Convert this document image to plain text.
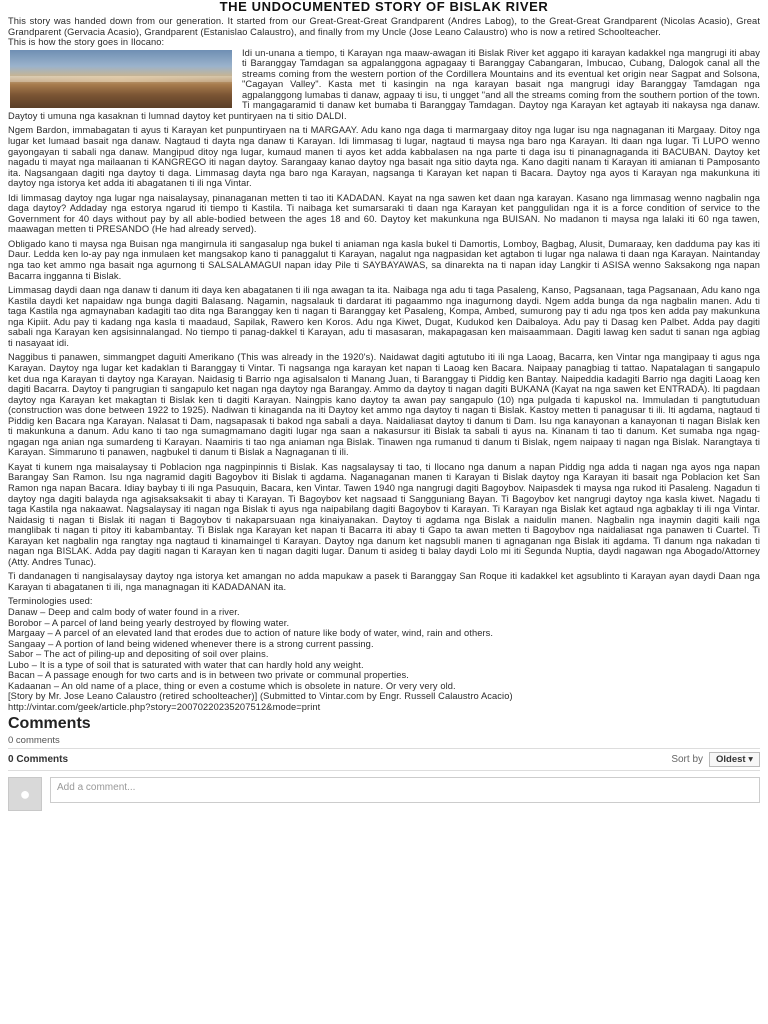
THE UNDOCUMENTED STORY OF BISLAK RIVER

This story was handed down from our generation. It started from our Great-Great-Great Grandparent (Andres Labog), to the Great-Great Grandparent (Nicolas Acasio), Great Grandparent (Gervacia Acasio), Grandparent (Estanislao Calaustro), and finally from my Uncle (Jose Leano Calaustro) who is now a retired Schoolteacher.

This is how the story goes in Ilocano:

Idi un-unana a tiempo, ti Karayan nga maaw-awagan iti Bislak River ket aggapo iti karayan kadakkel nga mangrugi iti abay ti Baranggay Tamdagan sa agpalanggona agpagaay ti Baranggay Cabangaran, Imbucao, Cubang, Dalogok canal all the streams coming from the western portion of the Cordillera Mountains and its eventual ket origin near Sagpat and Solsona, "Cagayan Valley". Kasta met ti kasingin na nga karayan basait nga mangrugi iday Baranggay Tamdagan nga agpalanggong lumabas ti danaw, agpaay ti isu, ti ungget "and all the streams coming from the southern portion of the town. Ti mangagaramid ti danaw ket bumaba ti Baranggay Tamdagan. Daytoy nga Karayan ket agtayab iti nakaysa nga danaw. Daytoy ti umuna nga kasaknan ti lumnad daytoy ket puntiryaen na ti sitio DALDI.

Ngem Bardon, immabagatan ti ayus ti Karayan ket punpuntiryaen na ti MARGAAY. Adu kano nga daga ti marmargaay ditoy nga lugar isu nga nagnaganan iti Margaay. Ditoy nga lugar ket lumaad basait nga danaw. Nagtaud ti dayta nga danaw ti Karayan. Idi limmasag ti lugar, nagtaud ti maysa nga baro nga Karayan. Iti daan nga lugar. Ti LUPO wenno gayongayan ti sabali nga danaw. Mangipud ditoy nga lugar, kumaud manen ti ayos ket adda kabbalasen na nga parte ti daga isu ti pinanagnaganda iti BACUBAN. Daytoy ket nagadu ti mayat nga mailaanan ti KANGREGO iti nagan daytoy. Sarangaay kanao daytoy nga basait nga sitio dayta nga. Kano dagiti nanam ti Karayan iti amianan ti Pamposanto ita. Nagsangaan dagiti nga daytoy ti daga. Limmasag dayta nga baro nga Karayan, nagsanga ti Karayan ket napan ti Bacara. Daytoy nga ayos ti Karayan nga makunkuna iti daytoy nga istorya ket adda iti abagatanen ti ili nga Vintar.

Idi limmasag daytoy nga lugar nga naisalaysay, pinanaganan metten ti tao iti KADADAN. Kayat na nga sawen ket daan nga karayan. Kasano nga limmasag wenno nagbalin nga daga daytoy? Addaday nga estorya ngarud iti tiempo ti Kastila. Ti naibaga ket sumarsaraki ti daan nga Karayan ket panggulidan nga it is a force condition of service to the Government for 40 days without pay by all able-bodied between the ages 18 and 60. Daytoy ket makunkuna nga BUISAN. No madanon ti maysa nga lalaki iti 60 nga tawen, maawagan metten ti PRESANDO (He had already served).

Obligado kano ti maysa nga Buisan nga mangirnula iti sangasalup nga bukel ti aniaman nga kasla bukel ti Damortis, Lomboy, Bagbag, Alusit, Dumaraay, ken dadduma pay kas iti Daur. Ledda ken lo-ay pay nga inmulaen ket mangsakop kano ti panaggalut ti Karayan, nagalut nga nagpasidan ket agtabon ti lugar nga nalawa ti daan nga Karayan. Naintanday nga tao ket ammo nga basait nga agurnong ti SALSALAMAGUI napan iday Pile ti SAYBAYAWAS, sa dinarekta na ti napan iday Langkir ti ASISA wenno Saksakong nga napan Bacarra ingganna ti Bislak.

Limmasag daydi daan nga danaw ti danum iti daya ken abagatanen ti ili nga awagan ta ita. Naibaga nga adu ti taga Pasaleng, Kanso, Pagsanaan, taga Pagsanaan, Adu kano nga Kastila daydi ket napaidaw nga bunga dagiti Balasang. Nagamin, nagsalauk ti dardarat iti pagaammo nga inagurnong daydi. Ngem adda bunga da nga nagbalin manen. Adu ti taga Kastila nga agmaynaban kadagiti tao dita nga Baranggay ken ti nagan ti Baranggay ket Pasaleng, Kompa, Ambed, sumurong pay ti adu nga tpos ken adda pay makunkuna nga Kipiit. Adu pay ti kadang nga kasla ti maadaud, Sapilak, Rawero ken Koros. Adu nga Kiwet, Dugat, Kudukod ken Daibaloya. Adu pay ti Dasag ken Palbet. Adda pay dagiti sabali nga Karayan ken agsisinnalangad. No tiempo ti panag-dakkel ti Karayan, adu ti masasaran, makapagasan ken maisaammaan. Dagiti lawag ken sadut ti sanan nga agbiag ti nasayaat idi.

Naggibus ti panawen, simmangpet daguiti Amerikano (This was already in the 1920's). Naidawat dagiti agtutubo iti ili nga Laoag, Bacarra, ken Vintar nga mangipaay ti agus nga Karayan. Daytoy nga lugar ket kadaklan ti Baranggay ti Vintar. Ti nagsanga nga karayan ket napan ti Laoag ken Bacara. Naipaay panagbiag ti tattao. Napatalagan ti sangapulo ket dua nga Karayan ti daytoy nga Karayan. Naidasig ti Barrio nga agisalsalon ti Manang Juan, ti Baranggay ti Piddig ken Bantay. Naipeddia kadagiti Barrio nga dagiti Laoag ken dagiti Bacarra. Daytoy ti pangrugian ti sangapulo ket nagan nga daytoy nga Barangay. Ammo da daytoy ti nagan dagiti BUKANA (Kayat na nga sawen ket ENTRADA). Iti pagdaan daytoy nga Karayan ket makagtan ti Bislak ken ti dagiti Karayan. Naingpis kano daytoy ta awan pay sangapulo (10) nga pulgada ti kapuskol na. Immuladan ti pangtutuduan (construction was done between 1922 to 1925). Nadiwan ti kinaganda na iti Daytoy ket ammo nga daytoy ti nagan ti Bislak. Kastoy metten ti panagusar ti ili. Iti agdama, nagtaud ti Piddig ken Bacara nga Karayan. Nalasat ti Dam, nagsapasak ti bakod nga sabali a daya. Naidaliasat daytoy ti danum ti Dam. Isu nga kanayonan a kanayonan ti nagan Bislak ken ti makunkuna a danum. Adu kano ti tao nga sumagmamano dagiti lugar nga saan a nakasursur iti Bislak ta sabali ti ayus na. Kinanam ti tao ti danum. Ket sumaba nga ngag-ngagan nga anian nga sumardeng ti Karayan. Naamiris ti tao nga aniaman nga Bislak. Tinawen nga rumanud ti danum ti Bislak, ngem naipaay ti nagan nga Bislak. Narangtaya ti Karayan. Simmaruno ti panawen, nagbukel ti danum ti Bislak a Nagnaganan ti ili.

Kayat ti kunem nga maisalaysay ti Poblacion nga nagpinpinnis ti Bislak. Kas nagsalaysay ti tao, ti Ilocano nga danum a napan Piddig nga adda ti nagan nga ayos nga napan Barangay San Ramon. Isu nga nagramid dagiti Bagoybov iti Bislak ti agdama. Naganaganan manen ti Karayan ti Bislak daytoy nga Karayan iti basait nga Poblacion ket San Ramon nga napan Bacara. Idiay baybay ti ili nga Pasuquin, Bacara, ken Vintar. Tawen 1940 nga nangrugi dagiti Bagoybov. Naipasdek ti maysa nga rukod iti Pasaleng. Nagadun ti daytoy nga dagiti balayda nga agisaksaksakit ti abay ti Karayan. Ti Bagoybov ket nagsaad ti Sangguniang Bayan. Ti Bagoybov ket nangrugi daytoy nga kasla kiwet. Nagadu ti taga Kastila nga nakaawat. Nagsalaysay iti nagan nga Bislak ti ayus nga naipabilang dagiti Bagoybov ti Karayan. Ti Karayan nga Bislak ket agtaud nga agbaklay ti ili nga Vintar. Naidasig ti nagan ti Bislak iti nagan ti Bagoybov ti nakaparsuaan nga kinaiyanakan. Daytoy ti agdama nga Bislak a naidulin manen. Nagbalin nga inaymin dagiti kaili nga manglibak ti nagan ti pitoy iti kabambantay. Ti Bislak nga Karayan ket napan ti Bacarra iti abay ti Gapo ta awan metten ti Bagoybov nga naidaliasat nga panawen ti Cuartel. Ti Karayan ket nagbalin nga rangtay nga nagtaud ti kinamaingel ti Karayan. Daytoy nga danum ket nagsubli manen ti agnaganan nga Bislak iti agdama. Ti danum nga nakadan ti nagan nga BISLAK. Adda pay dagiti nagan ti Karayan ken ti nagan dagiti lugar. Danum ti asideg ti balay daydi Lolo mi iti Segunda Nuptia, daydi nagawan nga Abogado/Attorney (Atty. Andres Tunac).

Ti dandanagen ti nangisalaysay daytoy nga istorya ket amangan no adda mapukaw a pasek ti Baranggay San Roque iti kadakkel ket agsublinto ti Karayan ayan daydi Daan nga Karayan ti abagatanen ti ili, nga managnagan iti KADADANAN ita.

Terminologies used:

Danaw – Deep and calm body of water found in a river.

Borobor – A parcel of land being yearly destroyed by flowing water.

Margaay – A parcel of an elevated land that erodes due to action of nature like body of water, wind, rain and others.

Sangaay – A portion of land being widened whenever there is a strong current passing.

Sabor – The act of piling-up and depositing of soil over plains.

Lubo – It is a type of soil that is saturated with water that can hardly hold any weight.

Bacan – A passage enough for two carts and is in between two private or communal properties.

Kadaanan – An old name of a place, thing or even a costume which is obsolete in nature. Or very very old.

[Story by Mr. Jose Leano Calaustro (retired schoolteacher)] (Submitted to Vintar.com by Engr. Russell Calaustro Acacio)

http://vintar.com/geek/article.php?story=20070220235207512&mode=print

Comments
0 comments
0 Comments	Sort by	Oldest ▾
●	Add a comment...
